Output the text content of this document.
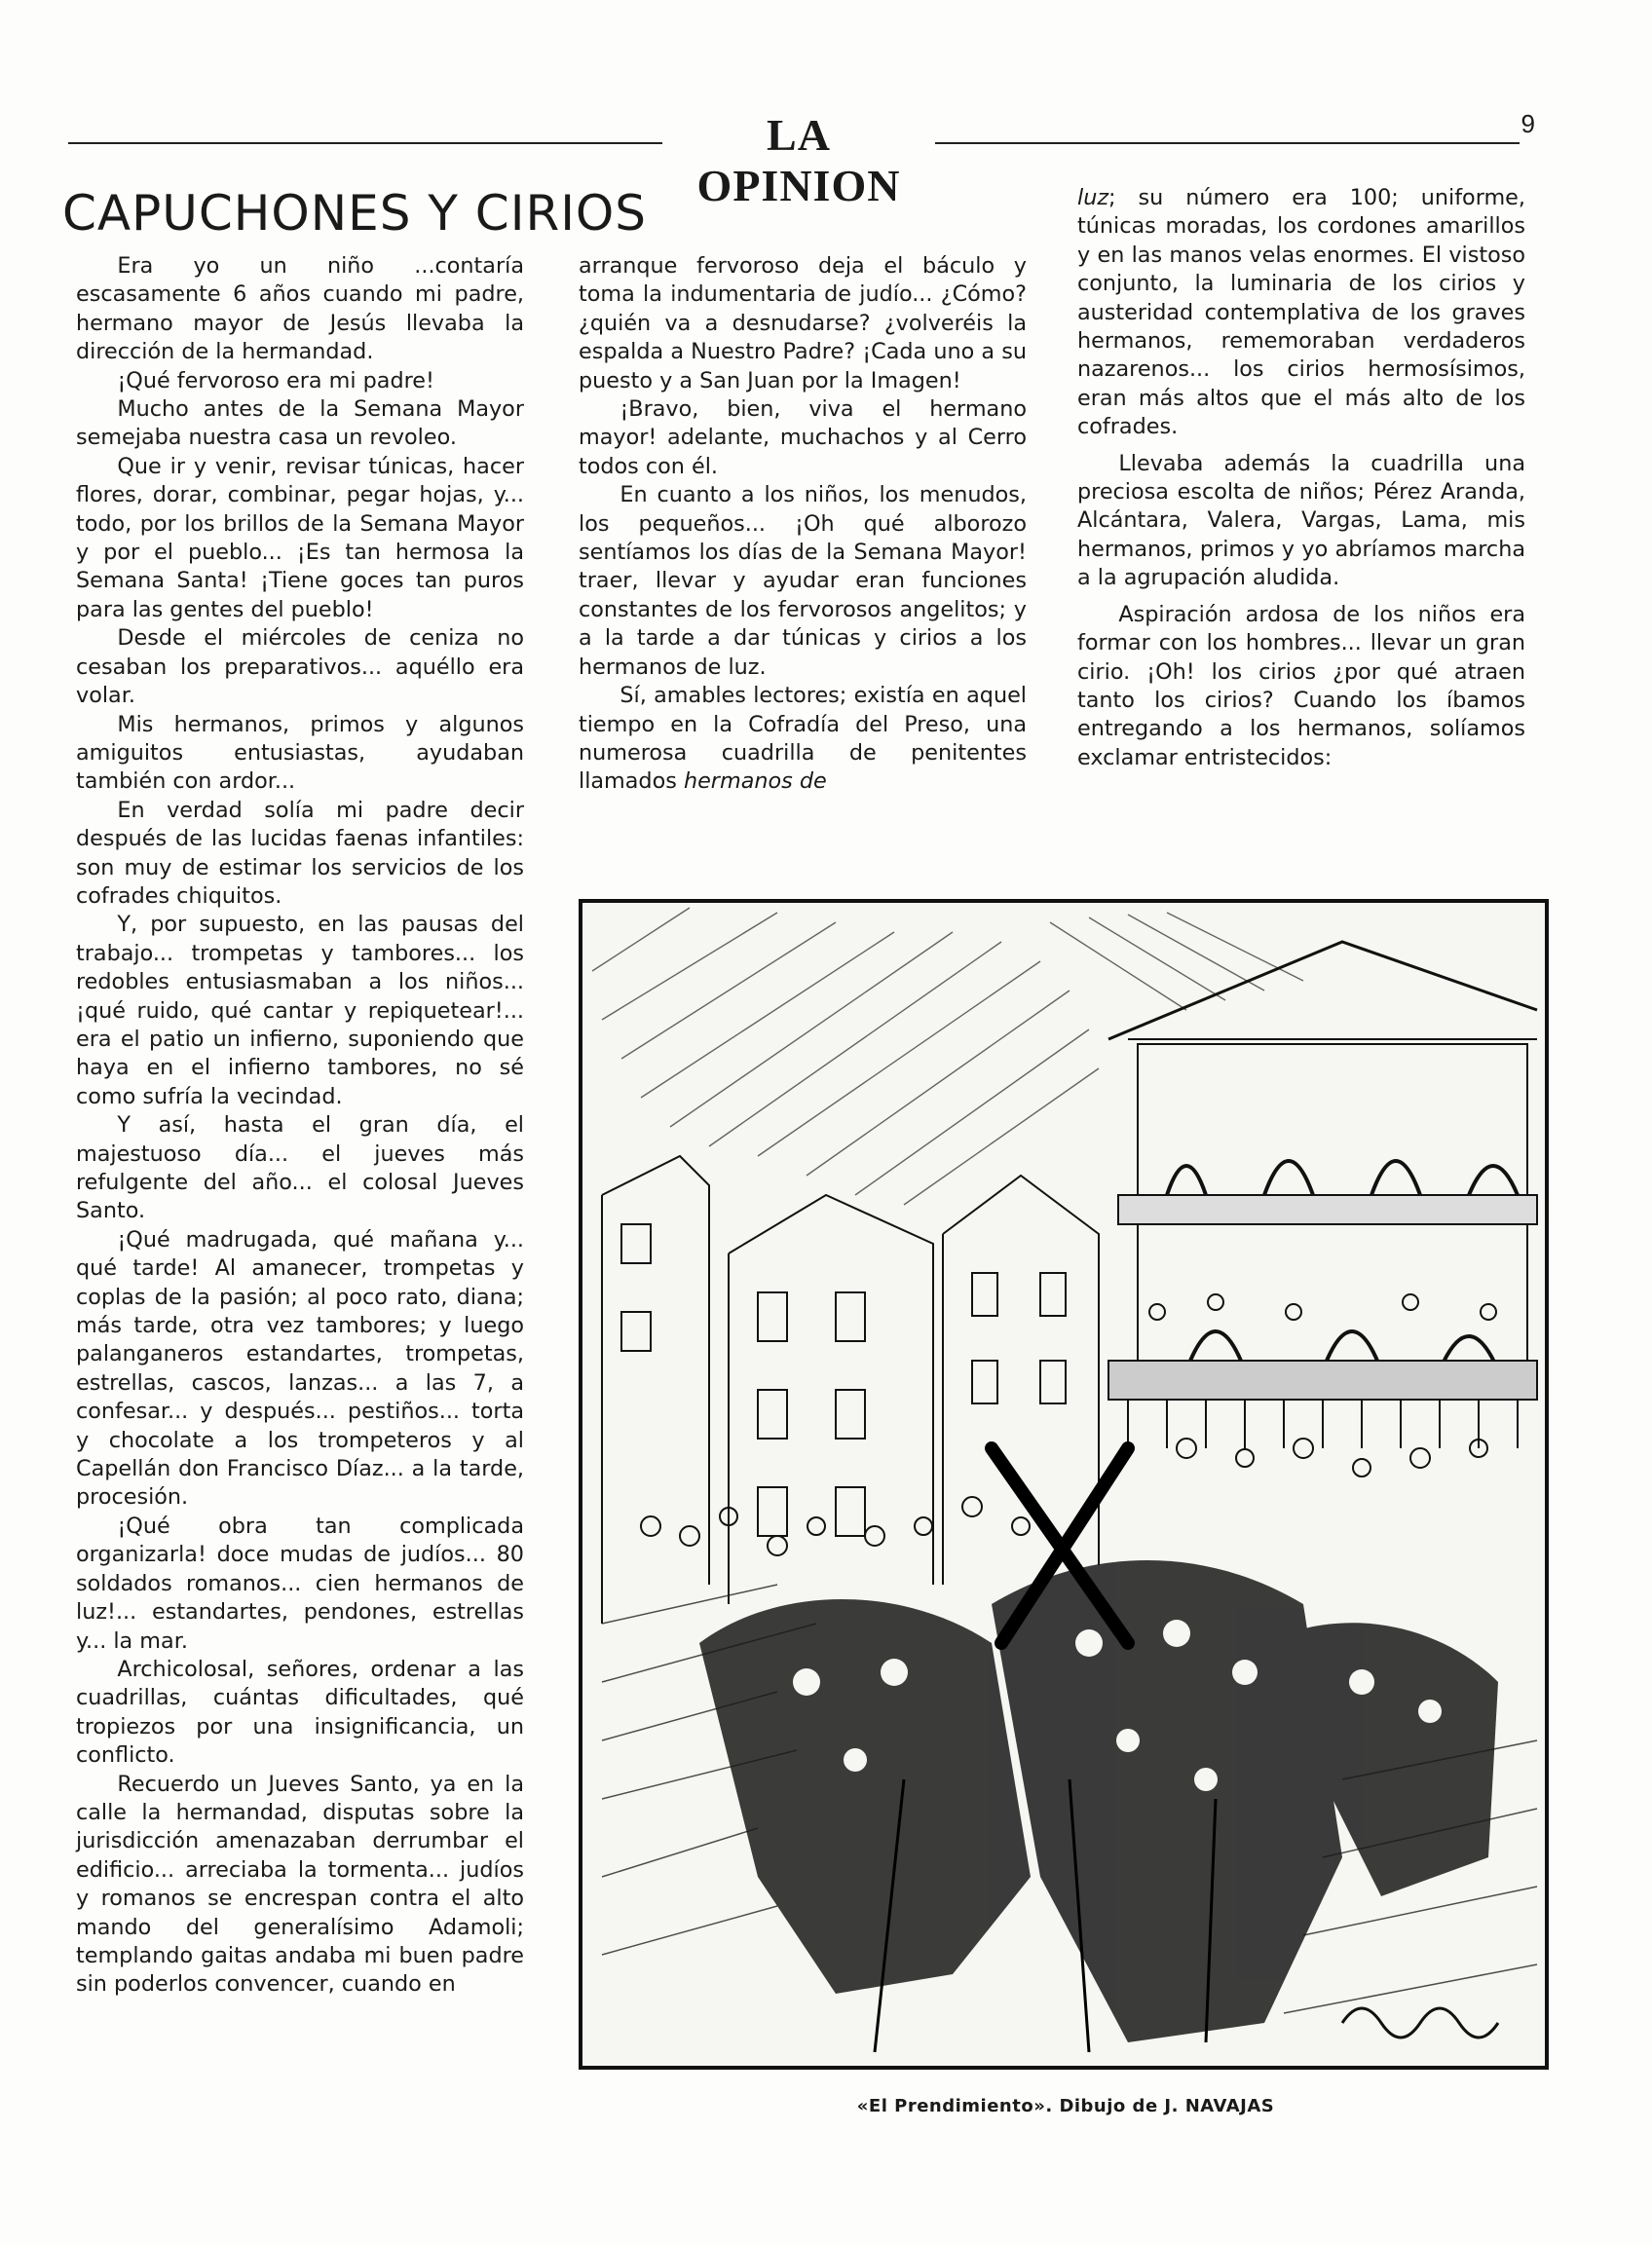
LA OPINION
9
CAPUCHONES Y CIRIOS

Era yo un niño ...contaría escasamente 6 años cuando mi padre, hermano mayor de Jesús llevaba la dirección de la hermandad.

¡Qué fervoroso era mi padre!

Mucho antes de la Semana Mayor semejaba nuestra casa un revoleo.

Que ir y venir, revisar túnicas, hacer flores, dorar, combinar, pegar hojas, y... todo, por los brillos de la Semana Mayor y por el pueblo... ¡Es tan hermosa la Semana Santa! ¡Tiene goces tan puros para las gentes del pueblo!

Desde el miércoles de ceniza no cesaban los preparativos... aquéllo era volar.

Mis hermanos, primos y algunos amiguitos entusiastas, ayudaban también con ardor...

En verdad solía mi padre decir después de las lucidas faenas infantiles: son muy de estimar los servicios de los cofrades chiquitos.

Y, por supuesto, en las pausas del trabajo... trompetas y tambores... los redobles entusiasmaban a los niños... ¡qué ruido, qué cantar y repiquetear!... era el patio un infierno, suponiendo que haya en el infierno tambores, no sé como sufría la vecindad.

Y así, hasta el gran día, el majestuoso día... el jueves más refulgente del año... el colosal Jueves Santo.

¡Qué madrugada, qué mañana y... qué tarde! Al amanecer, trompetas y coplas de la pasión; al poco rato, diana; más tarde, otra vez tambores; y luego palanganeros estandartes, trompetas, estrellas, cascos, lanzas... a las 7, a confesar... y después... pestiños... torta y chocolate a los trompeteros y al Capellán don Francisco Díaz... a la tarde, procesión.

¡Qué obra tan complicada organizarla! doce mudas de judíos... 80 soldados romanos... cien hermanos de luz!... estandartes, pendones, estrellas y... la mar.

Archicolosal, señores, ordenar a las cuadrillas, cuántas dificultades, qué tropiezos por una insignificancia, un conflicto.

Recuerdo un Jueves Santo, ya en la calle la hermandad, disputas sobre la jurisdicción amenazaban derrumbar el edificio... arreciaba la tormenta... judíos y romanos se encrespan contra el alto mando del generalísimo Adamoli; templando gaitas andaba mi buen padre sin poderlos convencer, cuando en

arranque fervoroso deja el báculo y toma la indumentaria de judío... ¿Cómo? ¿quién va a desnudarse? ¿volveréis la espalda a Nuestro Padre? ¡Cada uno a su puesto y a San Juan por la Imagen!

¡Bravo, bien, viva el hermano mayor! adelante, muchachos y al Cerro todos con él.

En cuanto a los niños, los menudos, los pequeños... ¡Oh qué alborozo sentíamos los días de la Semana Mayor! traer, llevar y ayudar eran funciones constantes de los fervorosos angelitos; y a la tarde a dar túnicas y cirios a los hermanos de luz.

Sí, amables lectores; existía en aquel tiempo en la Cofradía del Preso, una numerosa cuadrilla de penitentes llamados hermanos de

luz; su número era 100; uniforme, túnicas moradas, los cordones amarillos y en las manos velas enormes. El vistoso conjunto, la luminaria de los cirios y austeridad contemplativa de los graves hermanos, rememoraban verdaderos nazarenos... los cirios hermosísimos, eran más altos que el más alto de los cofrades.

Llevaba además la cuadrilla una preciosa escolta de niños; Pérez Aranda, Alcántara, Valera, Vargas, Lama, mis hermanos, primos y yo abríamos marcha a la agrupación aludida.

Aspiración ardosa de los niños era formar con los hombres... llevar un gran cirio. ¡Oh! los cirios ¿por qué atraen tanto los cirios? Cuando los íbamos entregando a los hermanos, solíamos exclamar entristecidos:

«El Prendimiento». Dibujo de J. NAVAJAS
